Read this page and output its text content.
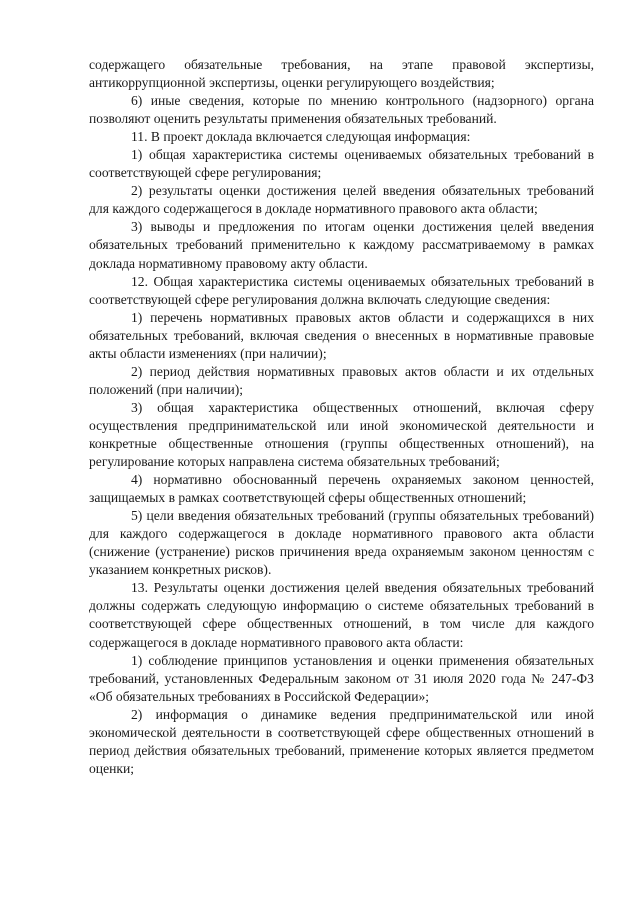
содержащего обязательные требования, на этапе правовой экспертизы, антикоррупционной экспертизы, оценки регулирующего воздействия;

6) иные сведения, которые по мнению контрольного (надзорного) органа позволяют оценить результаты применения обязательных требований.

11. В проект доклада включается следующая информация:

1) общая характеристика системы оцениваемых обязательных требований в соответствующей сфере регулирования;

2) результаты оценки достижения целей введения обязательных требований для каждого содержащегося в докладе нормативного правового акта области;

3) выводы и предложения по итогам оценки достижения целей введения обязательных требований применительно к каждому рассматриваемому в рамках доклада нормативному правовому акту области.

12. Общая характеристика системы оцениваемых обязательных требований в соответствующей сфере регулирования должна включать следующие сведения:

1) перечень нормативных правовых актов области и содержащихся в них обязательных требований, включая сведения о внесенных в нормативные правовые акты области изменениях (при наличии);

2) период действия нормативных правовых актов области и их отдельных положений (при наличии);

3) общая характеристика общественных отношений, включая сферу осуществления предпринимательской или иной экономической деятельности и конкретные общественные отношения (группы общественных отношений), на регулирование которых направлена система обязательных требований;

4) нормативно обоснованный перечень охраняемых законом ценностей, защищаемых в рамках соответствующей сферы общественных отношений;

5) цели введения обязательных требований (группы обязательных требований) для каждого содержащегося в докладе нормативного правового акта области (снижение (устранение) рисков причинения вреда охраняемым законом ценностям с указанием конкретных рисков).

13. Результаты оценки достижения целей введения обязательных требований должны содержать следующую информацию о системе обязательных требований в соответствующей сфере общественных отношений, в том числе для каждого содержащегося в докладе нормативного правового акта области:

1) соблюдение принципов установления и оценки применения обязательных требований, установленных Федеральным законом от 31 июля 2020 года № 247-ФЗ «Об обязательных требованиях в Российской Федерации»;

2) информация о динамике ведения предпринимательской или иной экономической деятельности в соответствующей сфере общественных отношений в период действия обязательных требований, применение которых является предметом оценки;
